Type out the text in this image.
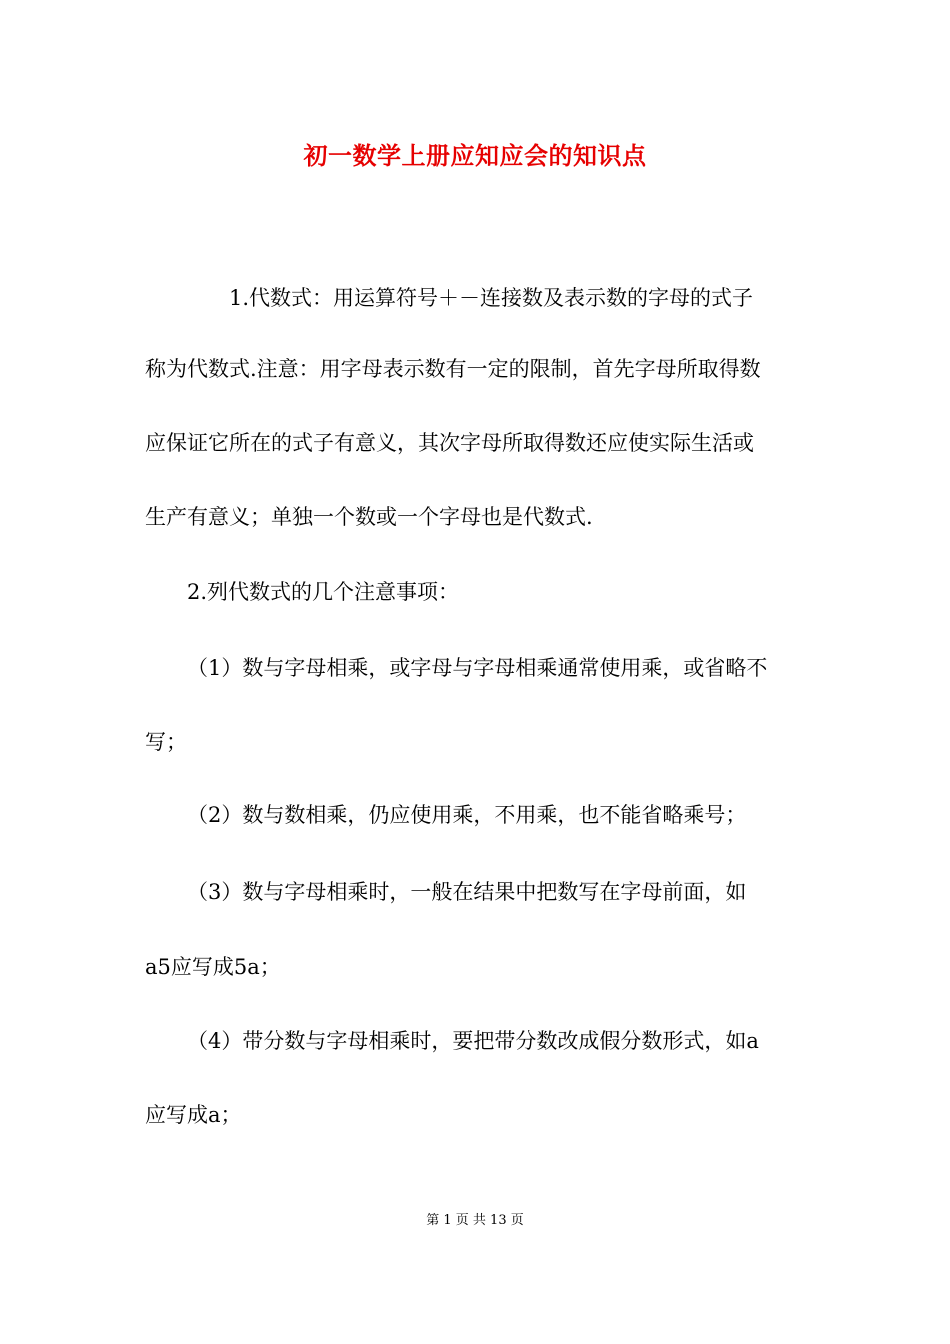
初一数学上册应知应会的知识点
1.代数式：用运算符号＋－连接数及表示数的字母的式子
称为代数式.注意：用字母表示数有一定的限制，首先字母所取得数
应保证它所在的式子有意义，其次字母所取得数还应使实际生活或
生产有意义；单独一个数或一个字母也是代数式.
2.列代数式的几个注意事项：
（1）数与字母相乘，或字母与字母相乘通常使用乘，或省略不
写；
（2）数与数相乘，仍应使用乘，不用乘，也不能省略乘号；
（3）数与字母相乘时，一般在结果中把数写在字母前面，如
a5应写成5a；
（4）带分数与字母相乘时，要把带分数改成假分数形式，如a
应写成a；
第 1 页 共 13 页
